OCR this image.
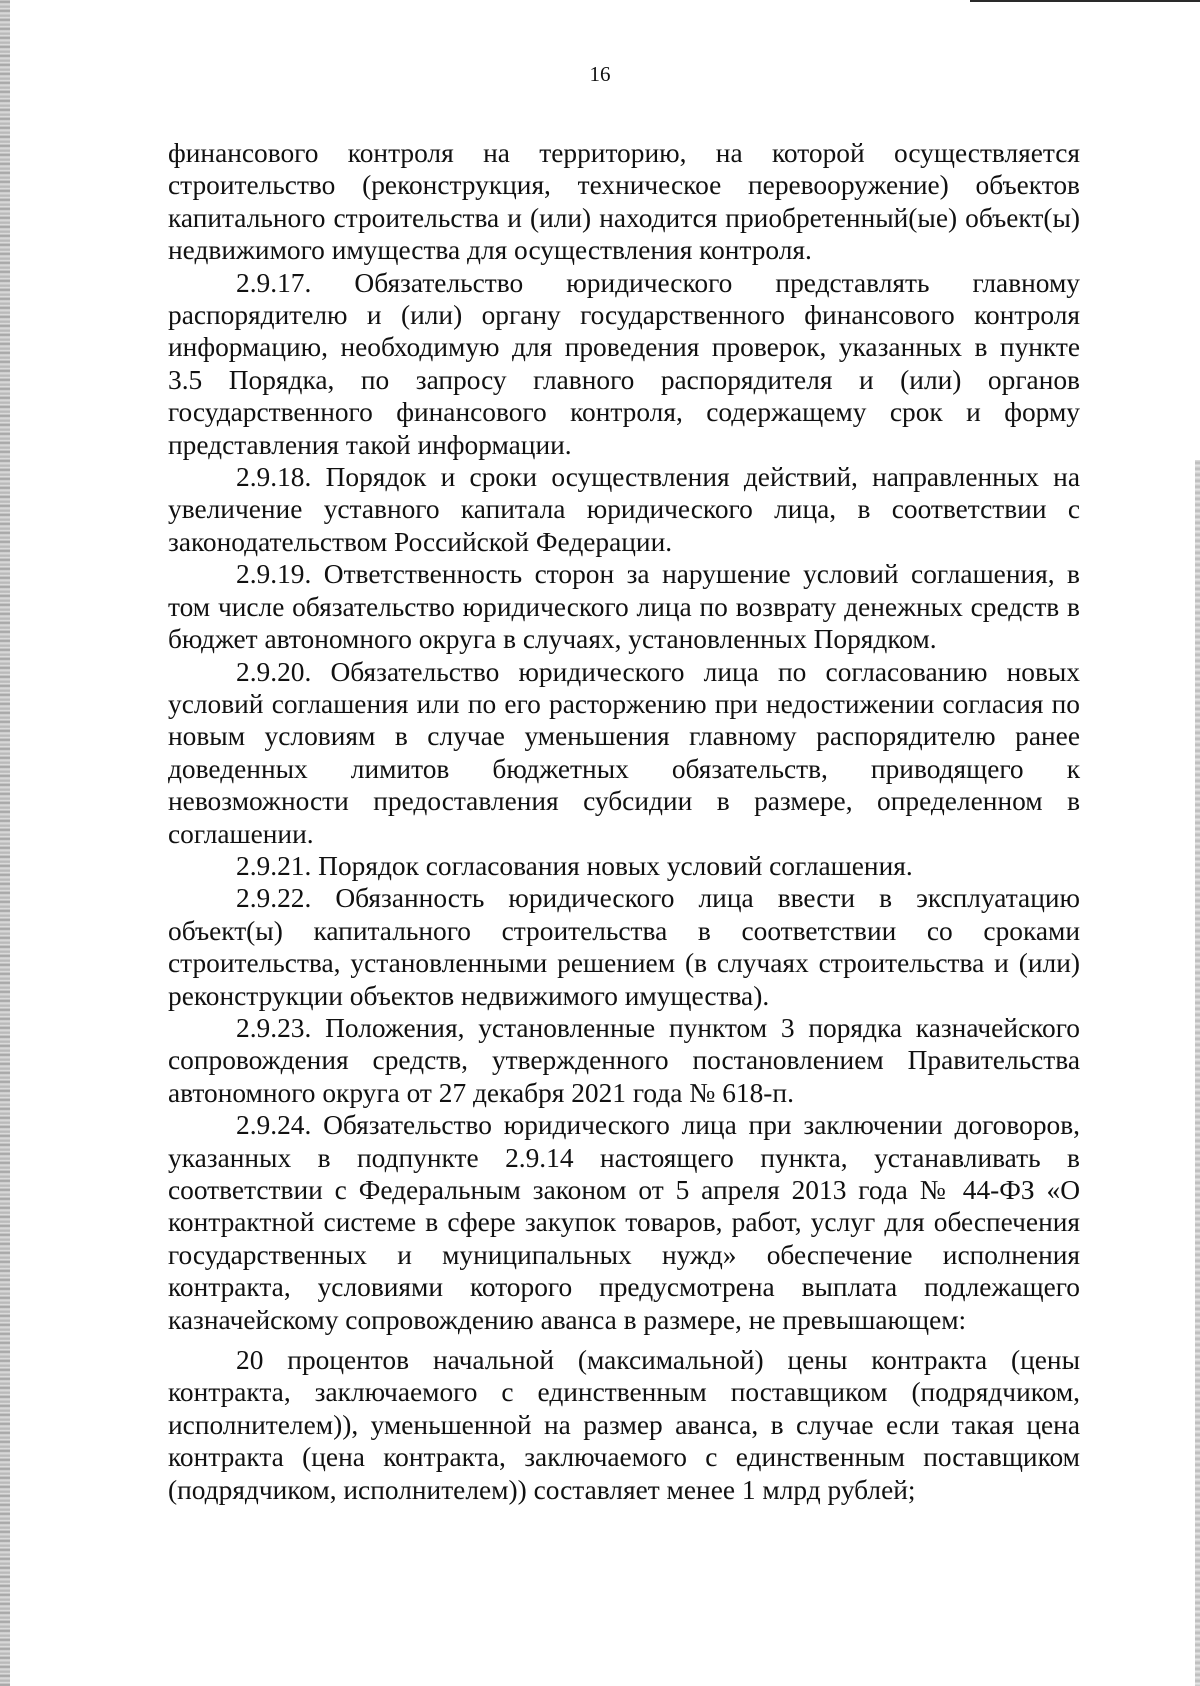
16

финансового контроля на территорию, на которой осуществляется строительство (реконструкция, техническое перевооружение) объектов капитального строительства и (или) находится приобретенный(ые) объект(ы) недвижимого имущества для осуществления контроля.

2.9.17. Обязательство юридического представлять главному распорядителю и (или) органу государственного финансового контроля информацию, необходимую для проведения проверок, указанных в пункте 3.5 Порядка, по запросу главного распорядителя и (или) органов государственного финансового контроля, содержащему срок и форму представления такой информации.

2.9.18. Порядок и сроки осуществления действий, направленных на увеличение уставного капитала юридического лица, в соответствии с законодательством Российской Федерации.

2.9.19. Ответственность сторон за нарушение условий соглашения, в том числе обязательство юридического лица по возврату денежных средств в бюджет автономного округа в случаях, установленных Порядком.

2.9.20. Обязательство юридического лица по согласованию новых условий соглашения или по его расторжению при недостижении согласия по новым условиям в случае уменьшения главному распорядителю ранее доведенных лимитов бюджетных обязательств, приводящего к невозможности предоставления субсидии в размере, определенном в соглашении.

2.9.21. Порядок согласования новых условий соглашения.

2.9.22. Обязанность юридического лица ввести в эксплуатацию объект(ы) капитального строительства в соответствии со сроками строительства, установленными решением (в случаях строительства и (или) реконструкции объектов недвижимого имущества).

2.9.23. Положения, установленные пунктом 3 порядка казначейского сопровождения средств, утвержденного постановлением Правительства автономного округа от 27 декабря 2021 года № 618-п.

2.9.24. Обязательство юридического лица при заключении договоров, указанных в подпункте 2.9.14 настоящего пункта, устанавливать в соответствии с Федеральным законом от 5 апреля 2013 года № 44-ФЗ «О контрактной системе в сфере закупок товаров, работ, услуг для обеспечения государственных и муниципальных нужд» обеспечение исполнения контракта, условиями которого предусмотрена выплата подлежащего казначейскому сопровождению аванса в размере, не превышающем:

20 процентов начальной (максимальной) цены контракта (цены контракта, заключаемого с единственным поставщиком (подрядчиком, исполнителем)), уменьшенной на размер аванса, в случае если такая цена контракта (цена контракта, заключаемого с единственным поставщиком (подрядчиком, исполнителем)) составляет менее 1 млрд рублей;
